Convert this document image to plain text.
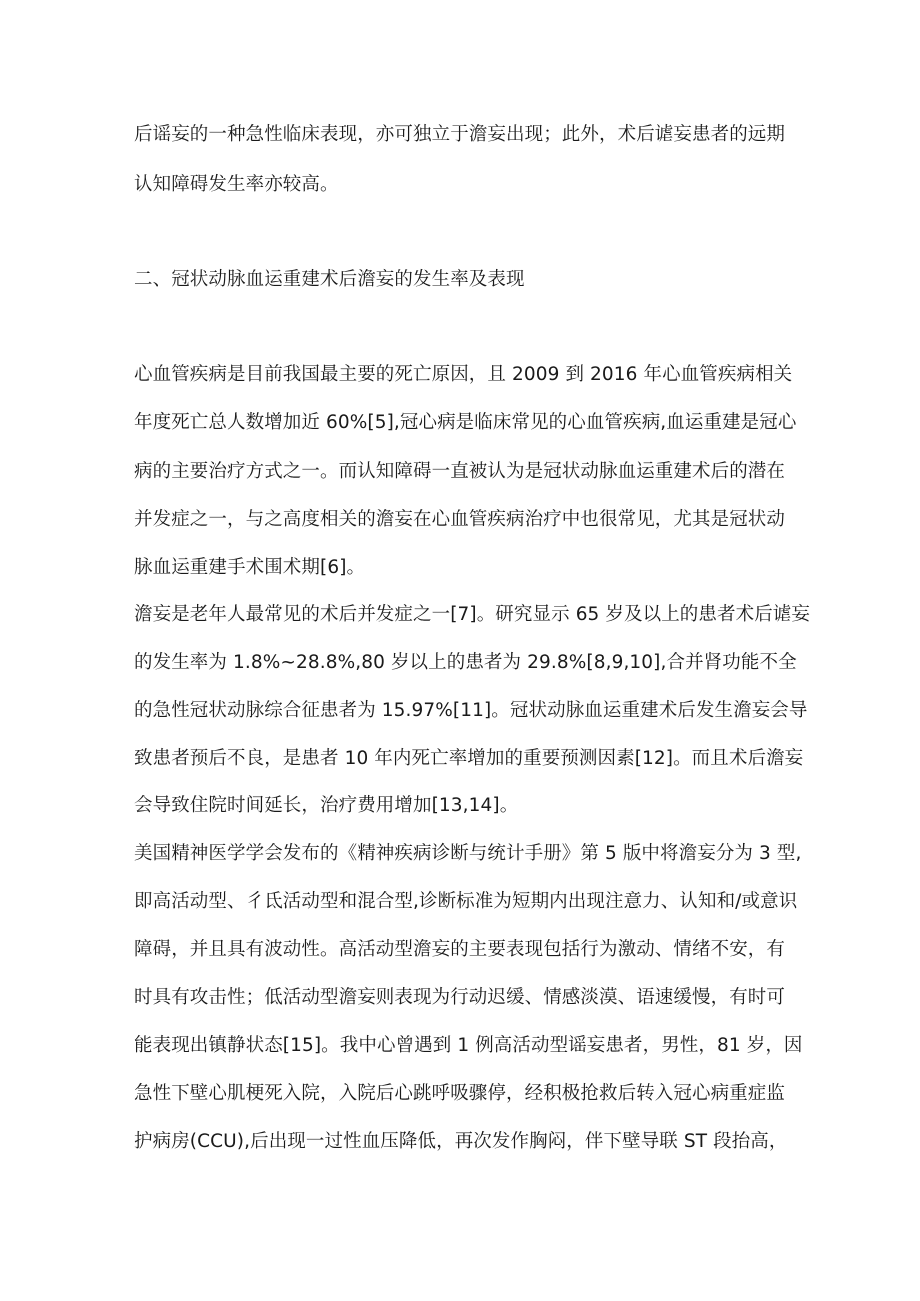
后谣妄的一种急性临床表现，亦可独立于澹妄出现；此外，术后谑妄患者的远期
认知障碍发生率亦较高。
二、冠状动脉血运重建术后澹妄的发生率及表现
心血管疾病是目前我国最主要的死亡原因，且 2009 到 2016 年心血管疾病相关
年度死亡总人数增加近 60%[5],冠心病是临床常见的心血管疾病,血运重建是冠心
病的主要治疗方式之一。而认知障碍一直被认为是冠状动脉血运重建术后的潜在
并发症之一，与之高度相关的澹妄在心血管疾病治疗中也很常见，尤其是冠状动
脉血运重建手术围术期[6]。
澹妄是老年人最常见的术后并发症之一[7]。研究显示 65 岁及以上的患者术后谑妄
的发生率为 1.8%~28.8%,80 岁以上的患者为 29.8%[8,9,10],合并肾功能不全
的急性冠状动脉综合征患者为 15.97%[11]。冠状动脉血运重建术后发生澹妄会导
致患者预后不良，是患者 10 年内死亡率增加的重要预测因素[12]。而且术后澹妄
会导致住院时间延长，治疗费用增加[13,14]。
美国精神医学学会发布的《精神疾病诊断与统计手册》第 5 版中将澹妄分为 3 型,
即高活动型、彳氐活动型和混合型,诊断标准为短期内出现注意力、认知和/或意识
障碍，并且具有波动性。高活动型澹妄的主要表现包括行为激动、情绪不安，有
时具有攻击性；低活动型澹妄则表现为行动迟缓、情感淡漠、语速缓慢，有时可
能表现出镇静状态[15]。我中心曾遇到 1 例高活动型谣妄患者，男性，81 岁，因
急性下壁心肌梗死入院，入院后心跳呼吸骤停，经积极抢救后转入冠心病重症监
护病房(CCU),后出现一过性血压降低，再次发作胸闷，伴下壁导联 ST 段抬高，
